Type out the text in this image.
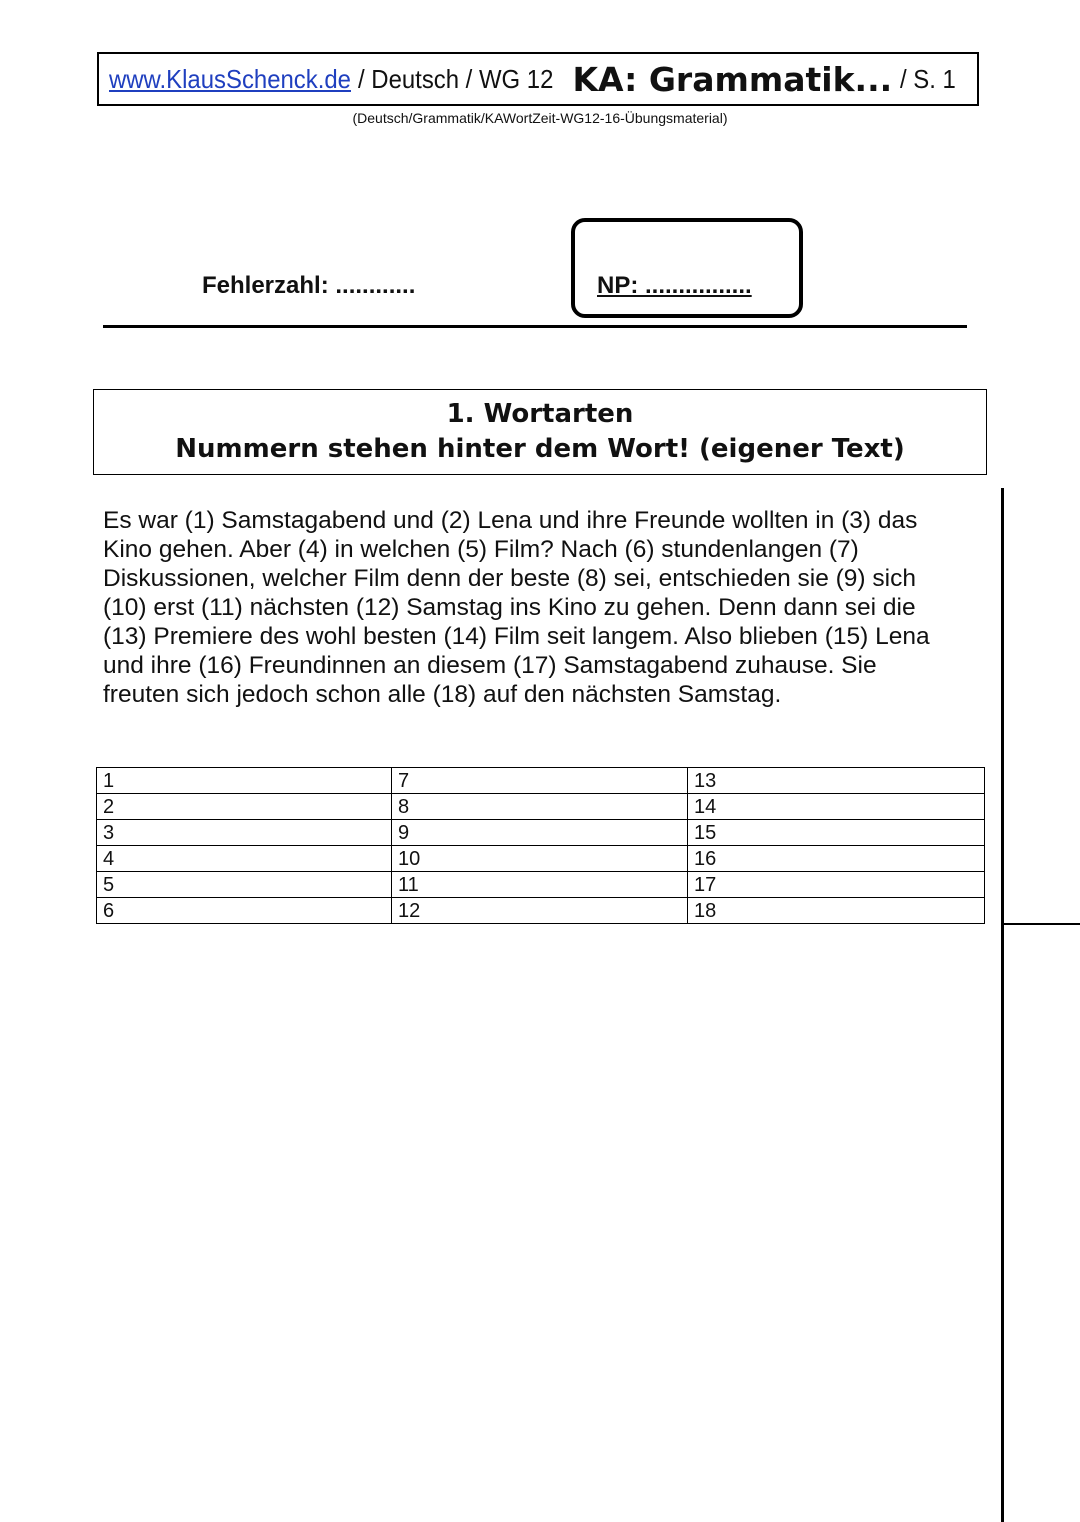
www.KlausSchenck.de / Deutsch / WG 12 KA: Grammatik... / S. 1
(Deutsch/Grammatik/KAWortZeit-WG12-16-Übungsmaterial)
Fehlerzahl: ............	NP: ................
1. Wortarten
Nummern stehen hinter dem Wort! (eigener Text)

Es war (1) Samstagabend und (2) Lena und ihre Freunde wollten in (3) das

Kino gehen. Aber (4) in welchen (5) Film? Nach (6) stundenlangen (7)

Diskussionen, welcher Film denn der beste (8) sei, entschieden sie (9) sich

(10) erst (11) nächsten (12) Samstag ins Kino zu gehen. Denn dann sei die

(13) Premiere des wohl besten (14) Film seit langem. Also blieben (15) Lena

und ihre (16) Freundinnen an diesem (17) Samstagabend zuhause. Sie

freuten sich jedoch schon alle (18) auf den nächsten Samstag.

1	7	13
2	8	14
3	9	15
4	10	16
5	11	17
6	12	18
